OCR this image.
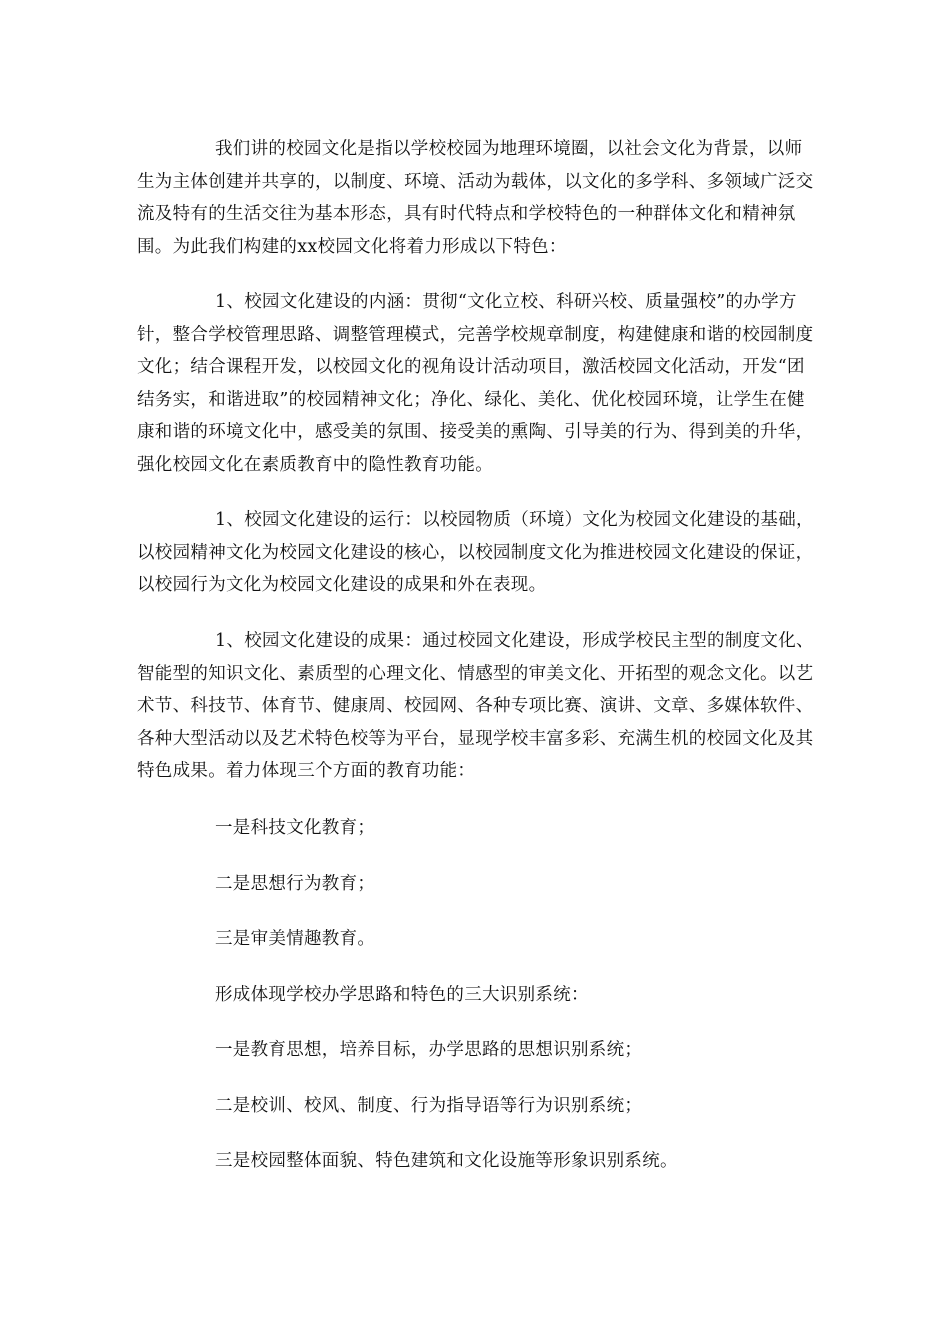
我们讲的校园文化是指以学校校园为地理环境圈，以社会文化为背景，以师生为主体创建并共享的，以制度、环境、活动为载体，以文化的多学科、多领域广泛交流及特有的生活交往为基本形态，具有时代特点和学校特色的一种群体文化和精神氛围。为此我们构建的xx校园文化将着力形成以下特色：

1、校园文化建设的内涵：贯彻“文化立校、科研兴校、质量强校”的办学方针，整合学校管理思路、调整管理模式，完善学校规章制度，构建健康和谐的校园制度文化；结合课程开发，以校园文化的视角设计活动项目，激活校园文化活动，开发“团结务实，和谐进取”的校园精神文化；净化、绿化、美化、优化校园环境，让学生在健康和谐的环境文化中，感受美的氛围、接受美的熏陶、引导美的行为、得到美的升华，强化校园文化在素质教育中的隐性教育功能。

1、校园文化建设的运行：以校园物质（环境）文化为校园文化建设的基础，以校园精神文化为校园文化建设的核心，以校园制度文化为推进校园文化建设的保证，以校园行为文化为校园文化建设的成果和外在表现。

1、校园文化建设的成果：通过校园文化建设，形成学校民主型的制度文化、智能型的知识文化、素质型的心理文化、情感型的审美文化、开拓型的观念文化。以艺术节、科技节、体育节、健康周、校园网、各种专项比赛、演讲、文章、多媒体软件、各种大型活动以及艺术特色校等为平台，显现学校丰富多彩、充满生机的校园文化及其特色成果。着力体现三个方面的教育功能：

一是科技文化教育；

二是思想行为教育；

三是审美情趣教育。

形成体现学校办学思路和特色的三大识别系统：

一是教育思想，培养目标，办学思路的思想识别系统；

二是校训、校风、制度、行为指导语等行为识别系统；

三是校园整体面貌、特色建筑和文化设施等形象识别系统。
